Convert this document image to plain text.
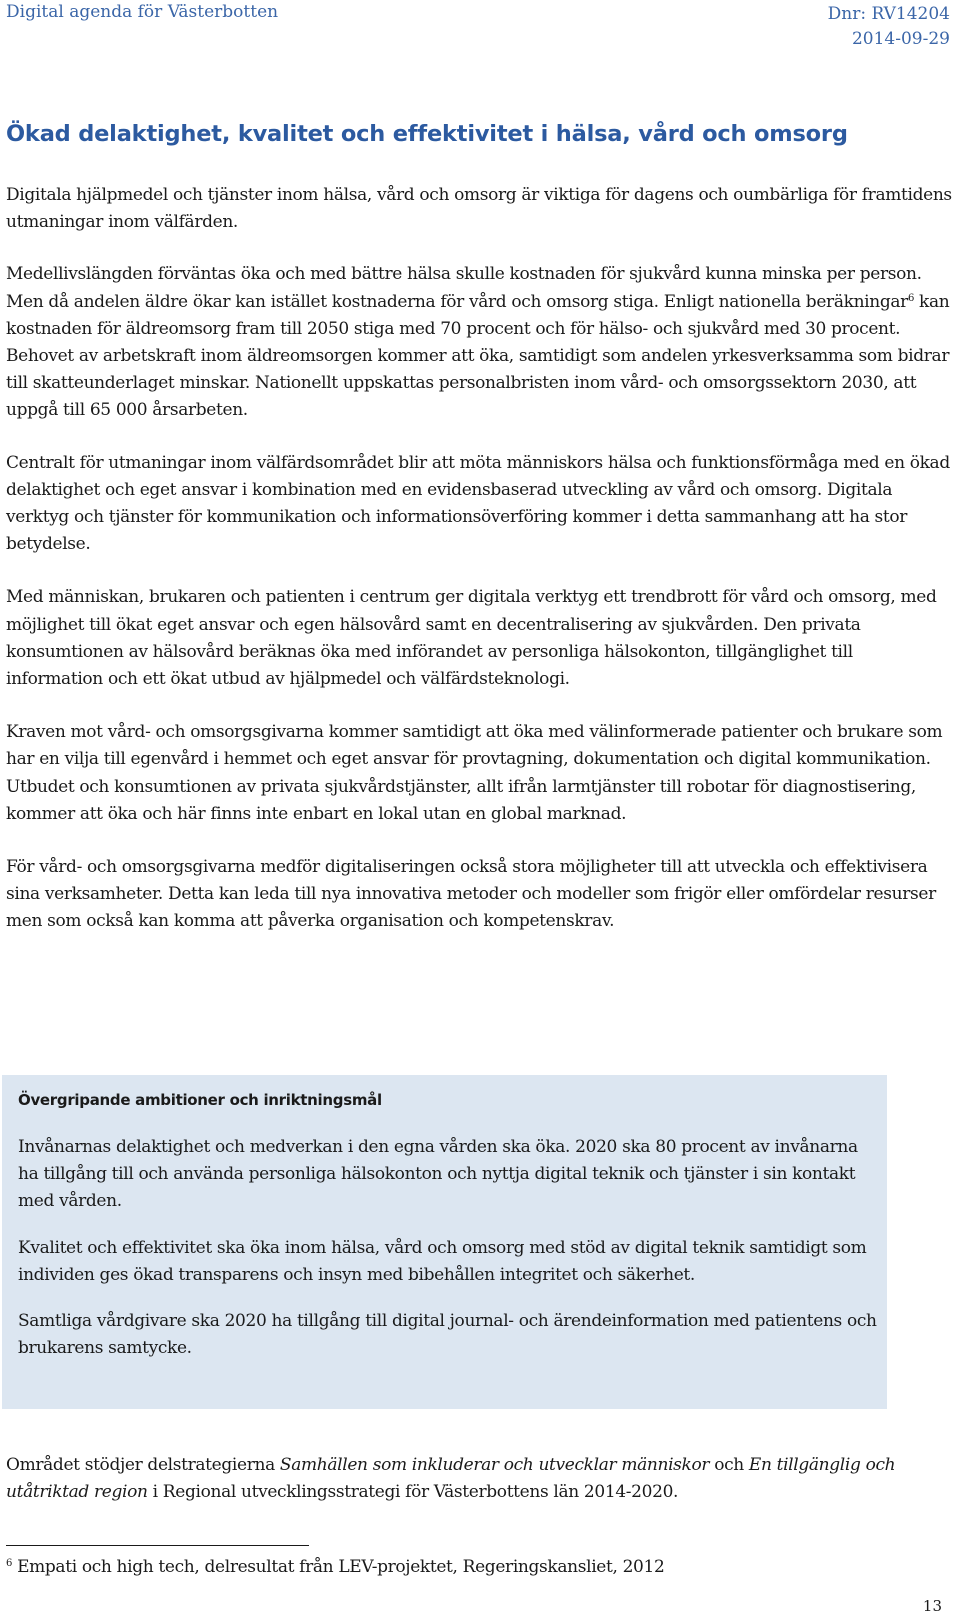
Digital agenda för Västerbotten	Dnr: RV14204
2014-09-29
Ökad delaktighet, kvalitet och effektivitet i hälsa, vård och omsorg

Digitala hjälpmedel och tjänster inom hälsa, vård och omsorg är viktiga för dagens och oumbärliga för framtidens utmaningar inom välfärden.

Medellivslängden förväntas öka och med bättre hälsa skulle kostnaden för sjukvård kunna minska per person. Men då andelen äldre ökar kan istället kostnaderna för vård och omsorg stiga. Enligt nationella beräkningar$^6$ kan kostnaden för äldreomsorg fram till 2050 stiga med 70 procent och för hälso- och sjukvård med 30 procent. Behovet av arbetskraft inom äldreomsorgen kommer att öka, samtidigt som andelen yrkesverksamma som bidrar till skatteunderlaget minskar. Nationellt uppskattas personalbristen inom vård- och omsorgssektorn 2030, att uppgå till 65 000 årsarbeten.

Centralt för utmaningar inom välfärdsområdet blir att möta människors hälsa och funktionsförmåga med en ökad delaktighet och eget ansvar i kombination med en evidensbaserad utveckling av vård och omsorg. Digitala verktyg och tjänster för kommunikation och informationsöverföring kommer i detta sammanhang att ha stor betydelse.

Med människan, brukaren och patienten i centrum ger digitala verktyg ett trendbrott för vård och omsorg, med möjlighet till ökat eget ansvar och egen hälsovård samt en decentralisering av sjukvården. Den privata konsumtionen av hälsovård beräknas öka med införandet av personliga hälsokonton, tillgänglighet till information och ett ökat utbud av hjälpmedel och välfärdsteknologi.

Kraven mot vård- och omsorgsgivarna kommer samtidigt att öka med välinformerade patienter och brukare som har en vilja till egenvård i hemmet och eget ansvar för provtagning, dokumentation och digital kommunikation. Utbudet och konsumtionen av privata sjukvårdstjänster, allt ifrån larmtjänster till robotar för diagnostisering, kommer att öka och här finns inte enbart en lokal utan en global marknad.

För vård- och omsorgsgivarna medför digitaliseringen också stora möjligheter till att utveckla och effektivisera sina verksamheter. Detta kan leda till nya innovativa metoder och modeller som frigör eller omfördelar resurser men som också kan komma att påverka organisation och kompetenskrav.

Övergripande ambitioner och inriktningsmål

Invånarnas delaktighet och medverkan i den egna vården ska öka. 2020 ska 80 procent av invånarna ha tillgång till och använda personliga hälsokonton och nyttja digital teknik och tjänster i sin kontakt med vården.

Kvalitet och effektivitet ska öka inom hälsa, vård och omsorg med stöd av digital teknik samtidigt som individen ges ökad transparens och insyn med bibehållen integritet och säkerhet.

Samtliga vårdgivare ska 2020 ha tillgång till digital journal- och ärendeinformation med patientens och brukarens samtycke.

Området stödjer delstrategierna Samhällen som inkluderar och utvecklar människor och En tillgänglig och utåtriktad region i Regional utvecklingsstrategi för Västerbottens län 2014-2020.

$^6$ Empati och high tech, delresultat från LEV-projektet, Regeringskansliet, 2012
13
